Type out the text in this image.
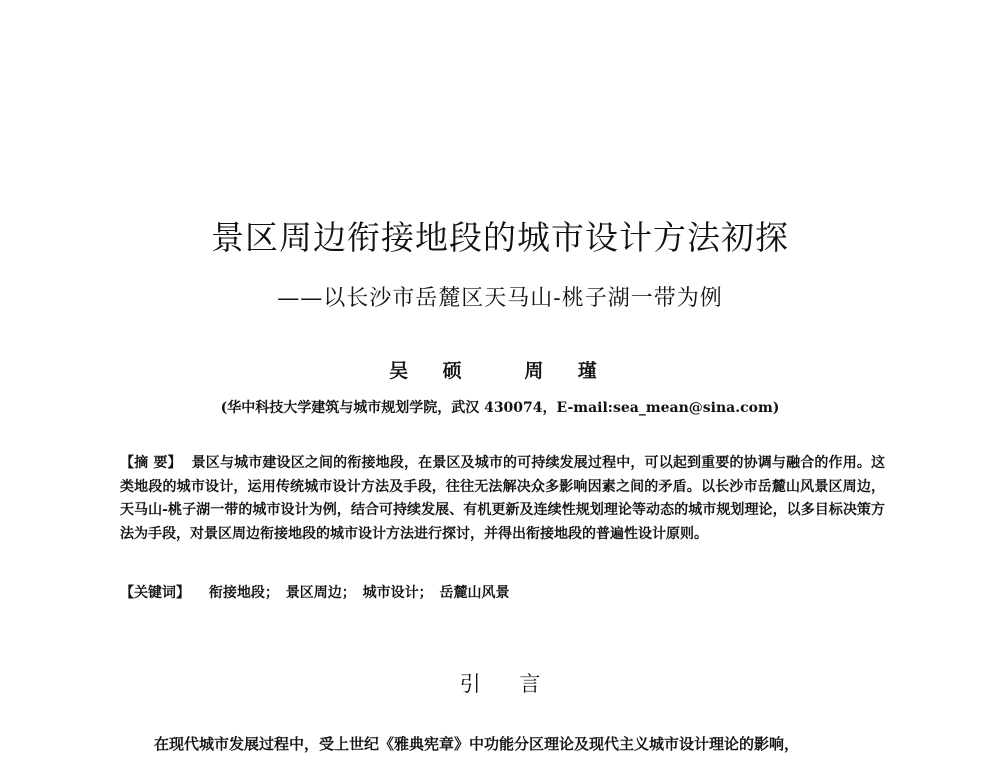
景区周边衔接地段的城市设计方法初探

——以长沙市岳麓区天马山-桃子湖一带为例

吴 硕	周 瑾

(华中科技大学建筑与城市规划学院，武汉 430074，E-mail:sea_mean@sina.com)

【摘 要】 景区与城市建设区之间的衔接地段，在景区及城市的可持续发展过程中，可以起到重要的协调与融合的作用。这类地段的城市设计，运用传统城市设计方法及手段，往往无法解决众多影响因素之间的矛盾。以长沙市岳麓山风景区周边，天马山-桃子湖一带的城市设计为例，结合可持续发展、有机更新及连续性规划理论等动态的城市规划理论，以多目标决策方法为手段，对景区周边衔接地段的城市设计方法进行探讨，并得出衔接地段的普遍性设计原则。

【关键词】 衔接地段； 景区周边； 城市设计； 岳麓山风景

引 言

在现代城市发展过程中，受上世纪《雅典宪章》中功能分区理论及现代主义城市设计理论的影响，
